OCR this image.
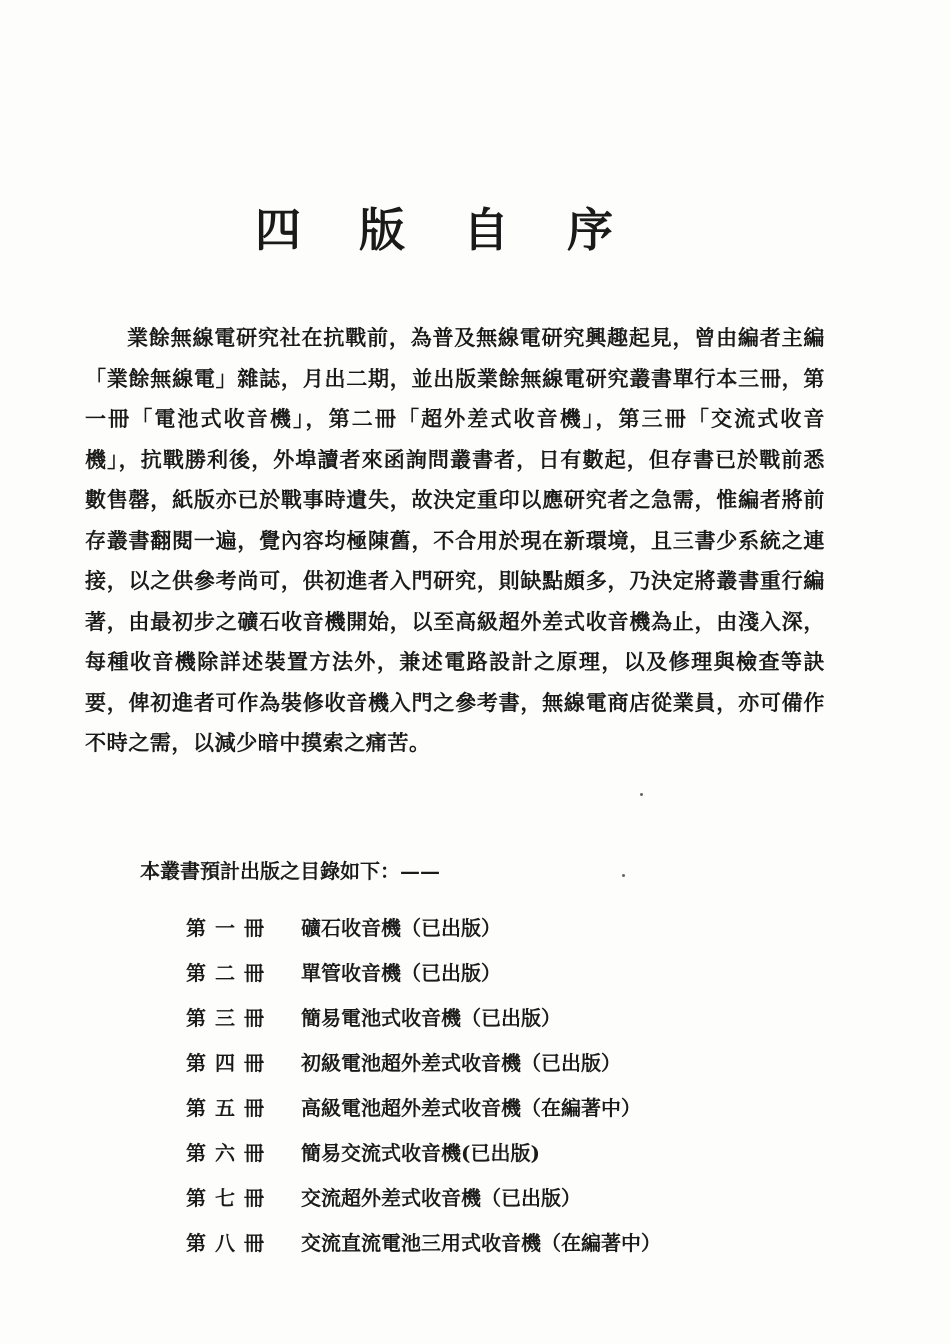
四版自序

業餘無線電研究社在抗戰前，為普及無線電研究興趣起見，曾由編者主編「業餘無線電」雜誌，月出二期，並出版業餘無線電研究叢書單行本三冊，第一冊「電池式收音機」，第二冊「超外差式收音機」，第三冊「交流式收音機」，抗戰勝利後，外埠讀者來函詢問叢書者，日有數起，但存書已於戰前悉數售罄，紙版亦已於戰事時遺失，故決定重印以應研究者之急需，惟編者將前存叢書翻閱一遍，覺內容均極陳舊，不合用於現在新環境，且三書少系統之連接，以之供參考尚可，供初進者入門研究，則缺點頗多，乃決定將叢書重行編著，由最初步之礦石收音機開始，以至高級超外差式收音機為止，由淺入深，每種收音機除詳述裝置方法外，兼述電路設計之原理，以及修理與檢查等訣要，俾初進者可作為裝修收音機入門之參考書，無線電商店從業員，亦可備作不時之需，以減少暗中摸索之痛苦。

本叢書預計出版之目錄如下：——
第一冊	礦石收音機 （已出版）
第二冊	單管收音機 （已出版）
第三冊	簡易電池式收音機 （已出版）
第四冊	初級電池超外差式收音機 （已出版）
第五冊	高級電池超外差式收音機 （在編著中）
第六冊	簡易交流式收音機 (已出版)
第七冊	交流超外差式收音機 （已出版）
第八冊	交流直流電池三用式收音機 （在編著中）
